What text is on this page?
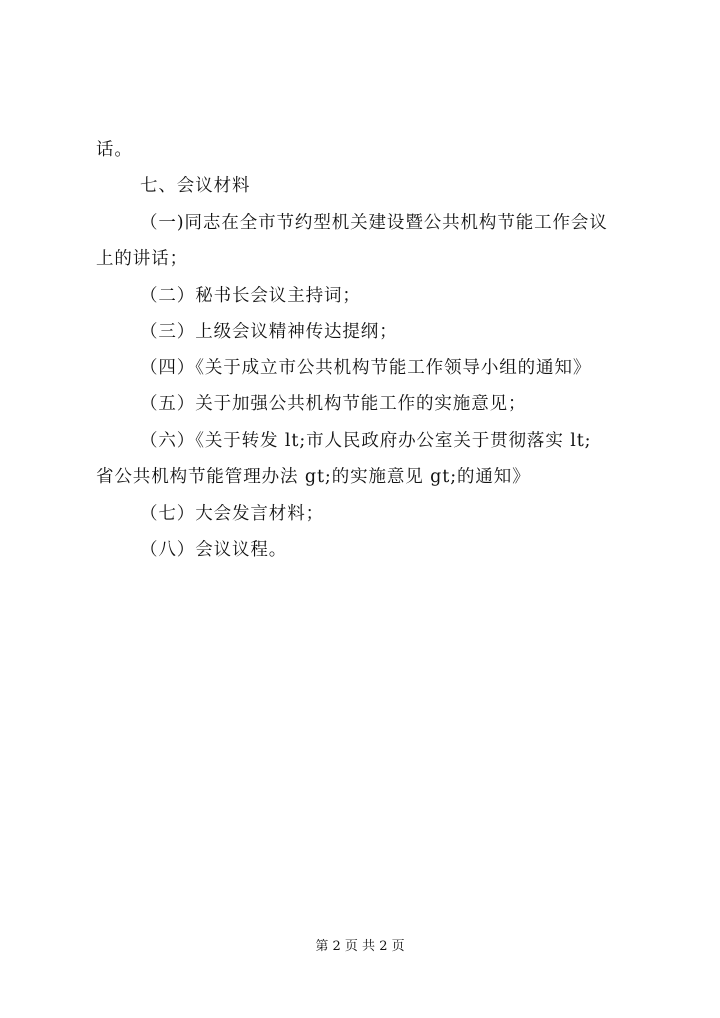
话。
七、会议材料
（一)同志在全市节约型机关建设暨公共机构节能工作会议
上的讲话；
（二）秘书长会议主持词；
（三）上级会议精神传达提纲；
（四）《关于成立市公共机构节能工作领导小组的通知》
（五）关于加强公共机构节能工作的实施意见；
（六）《关于转发 lt;市人民政府办公室关于贯彻落实 lt;
省公共机构节能管理办法 gt;的实施意见 gt;的通知》
（七）大会发言材料；
（八）会议议程。
第 2 页 共 2 页
